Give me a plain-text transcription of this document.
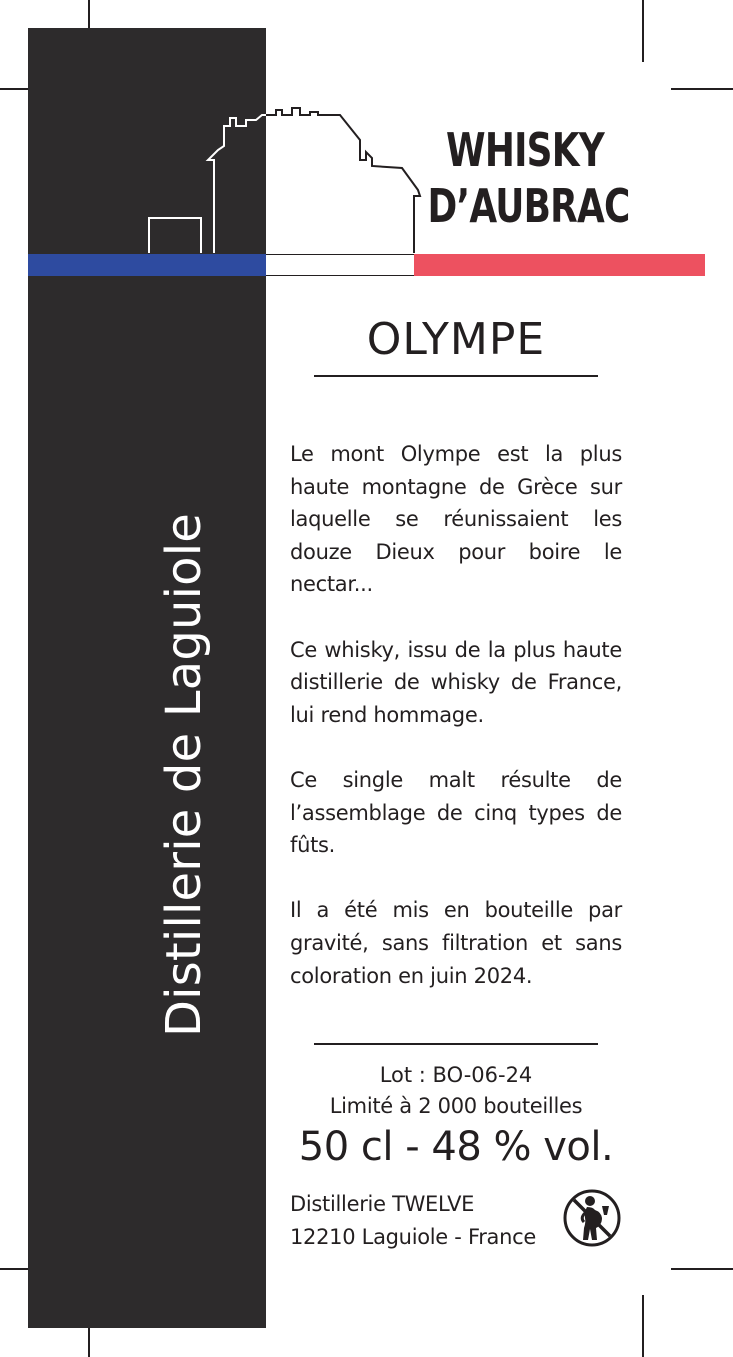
WHISKY
D’AUBRAC
Distillerie de Laguiole
OLYMPE

Le mont Olympe est la plus haute montagne de Grèce sur laquelle se réunissaient les douze Dieux pour boire le nectar...

Ce whisky, issu de la plus haute distillerie de whisky de France, lui rend hommage.

Ce single malt résulte de l’assemblage de cinq types de fûts.

Il a été mis en bouteille par gravité, sans filtration et sans coloration en juin 2024.

Lot : BO-06-24
Limité à 2 000 bouteilles
50 cl - 48 % vol.
Distillerie TWELVE
12210 Laguiole - France
